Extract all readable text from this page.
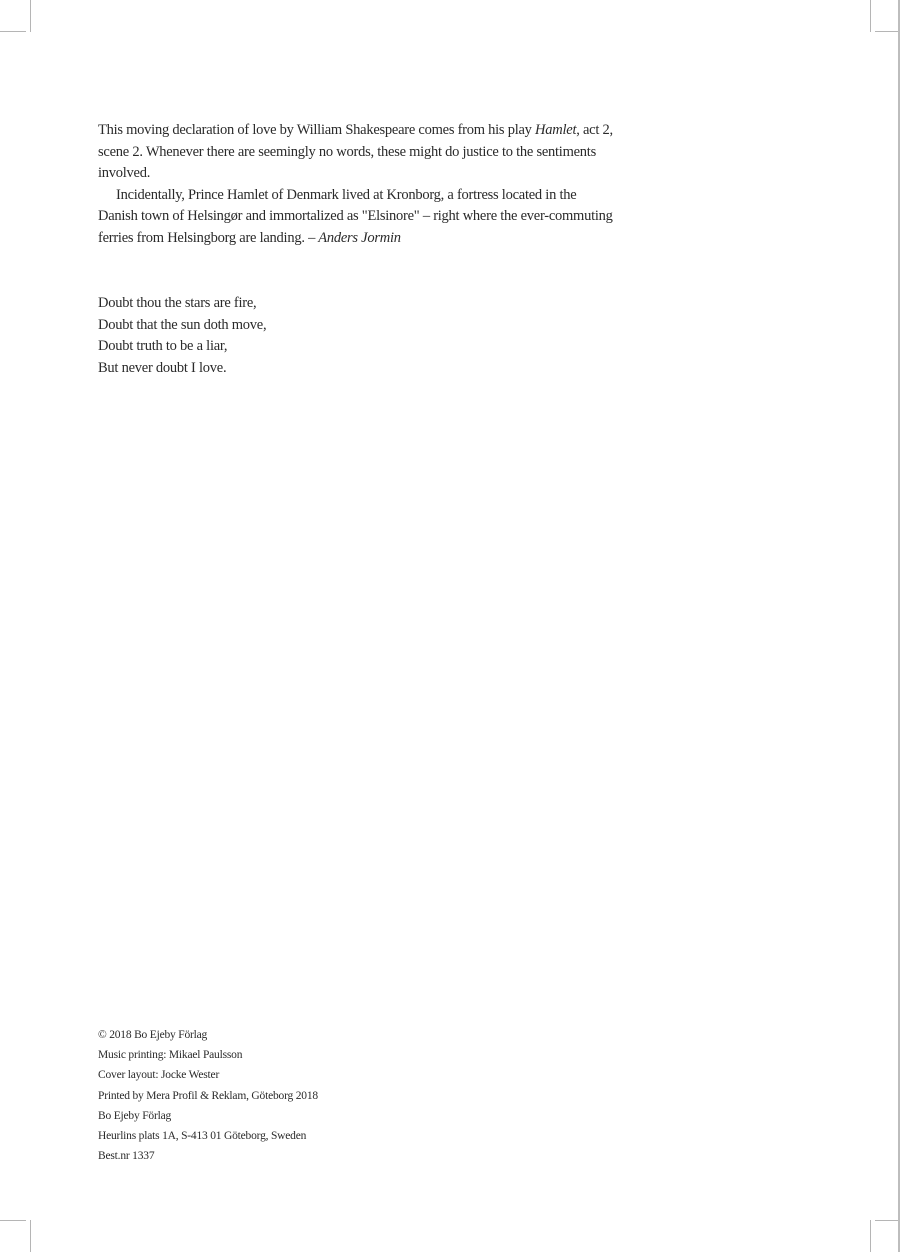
This moving declaration of love by William Shakespeare comes from his play Hamlet, act 2, scene 2. Whenever there are seemingly no words, these might do justice to the sentiments involved.

Incidentally, Prince Hamlet of Denmark lived at Kronborg, a fortress located in the Danish town of Helsingør and immortalized as "Elsinore" – right where the ever-commuting ferries from Helsingborg are landing. – Anders Jormin

Doubt thou the stars are fire,
Doubt that the sun doth move,
Doubt truth to be a liar,
But never doubt I love.
© 2018 Bo Ejeby Förlag
Music printing: Mikael Paulsson
Cover layout: Jocke Wester
Printed by Mera Profil & Reklam, Göteborg 2018
Bo Ejeby Förlag
Heurlins plats 1A, S-413 01 Göteborg, Sweden
Best.nr 1337
